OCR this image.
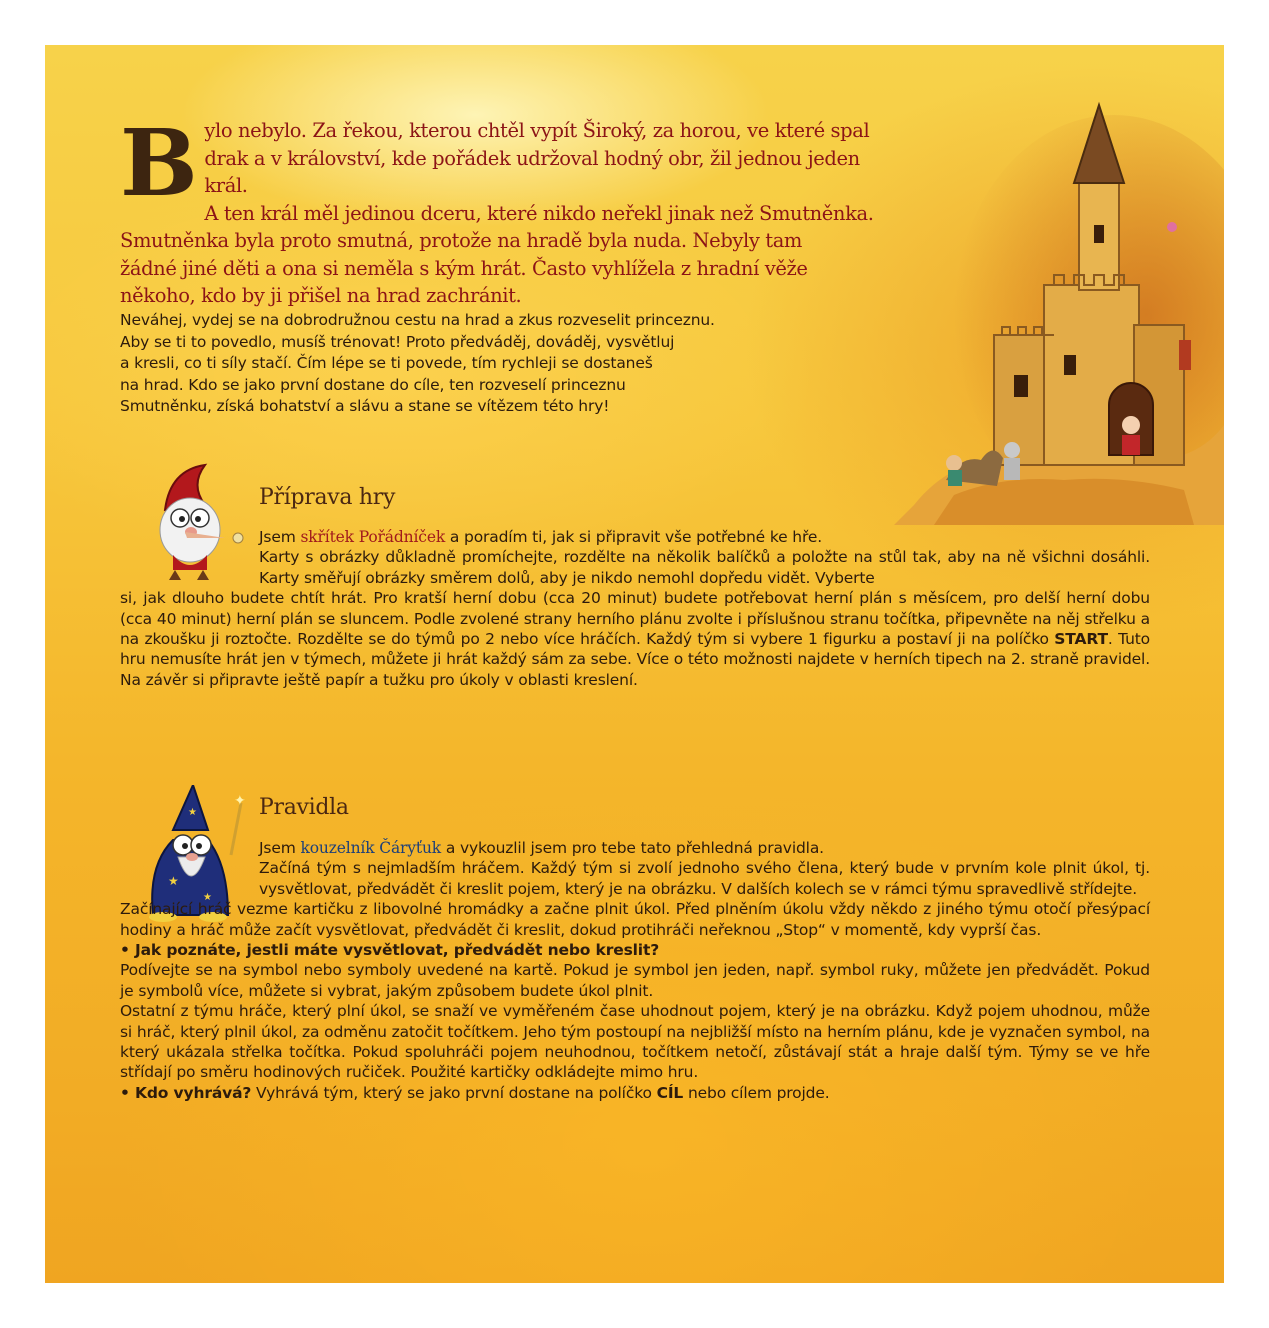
B ylo nebylo. Za řekou, kterou chtěl vypít Široký, za horou, ve které spal
drak a v království, kde pořádek udržoval hodný obr, žil jednou jeden král.
A ten král měl jedinou dceru, které nikdo neřekl jinak než Smutněnka.
Smutněnka byla proto smutná, protože na hradě byla nuda. Nebyly tam
žádné jiné děti a ona si neměla s kým hrát. Často vyhlížela z hradní věže
někoho, kdo by ji přišel na hrad zachránit.
Neváhej, vydej se na dobrodružnou cestu na hrad a zkus rozveselit princeznu.
Aby se ti to povedlo, musíš trénovat! Proto předváděj, dováděj, vysvětluj
a kresli, co ti síly stačí. Čím lépe se ti povede, tím rychleji se dostaneš
na hrad. Kdo se jako první dostane do cíle, ten rozveselí princeznu
Smutněnku, získá bohatství a slávu a stane se vítězem této hry!
Příprava hry

Jsem skřítek Pořádníček a poradím ti, jak si připravit vše potřebné ke hře.

Karty s obrázky důkladně promíchejte, rozdělte na několik balíčků a položte na stůl tak, aby na ně všichni dosáhli. Karty směřují obrázky směrem dolů, aby je nikdo nemohl dopředu vidět. Vyberte

si, jak dlouho budete chtít hrát. Pro kratší herní dobu (cca 20 minut) budete potřebovat herní plán s měsícem, pro delší herní dobu (cca 40 minut) herní plán se sluncem. Podle zvolené strany herního plánu zvolte i příslušnou stranu točítka, připevněte na něj střelku a na zkoušku ji roztočte. Rozdělte se do týmů po 2 nebo více hráčích. Každý tým si vybere 1 figurku a postaví ji na políčko START. Tuto hru nemusíte hrát jen v týmech, můžete ji hrát každý sám za sebe. Více o této možnosti najdete v herních tipech na 2. straně pravidel. Na závěr si připravte ještě papír a tužku pro úkoly v oblasti kreslení.

★
★
★
✦ Pravidla

Jsem kouzelník Čáryťuk a vykouzlil jsem pro tebe tato přehledná pravidla.

Začíná tým s nejmladším hráčem. Každý tým si zvolí jednoho svého člena, který bude v prvním kole plnit úkol, tj. vysvětlovat, předvádět či kreslit pojem, který je na obrázku. V dalších kolech se v rámci týmu spravedlivě střídejte.

Začínající hráč vezme kartičku z libovolné hromádky a začne plnit úkol. Před plněním úkolu vždy někdo z jiného týmu otočí přesýpací hodiny a hráč může začít vysvětlovat, předvádět či kreslit, dokud protihráči neřeknou „Stop“ v momentě, kdy vyprší čas.

• Jak poznáte, jestli máte vysvětlovat, předvádět nebo kreslit?

Podívejte se na symbol nebo symboly uvedené na kartě. Pokud je symbol jen jeden, např. symbol ruky, můžete jen předvádět. Pokud je symbolů více, můžete si vybrat, jakým způsobem budete úkol plnit.

Ostatní z týmu hráče, který plní úkol, se snaží ve vyměřeném čase uhodnout pojem, který je na obrázku. Když pojem uhodnou, může si hráč, který plnil úkol, za odměnu zatočit točítkem. Jeho tým postoupí na nejbližší místo na herním plánu, kde je vyznačen symbol, na který ukázala střelka točítka. Pokud spoluhráči pojem neuhodnou, točítkem netočí, zůstávají stát a hraje další tým. Týmy se ve hře střídají po směru hodinových ručiček. Použité kartičky odkládejte mimo hru.

• Kdo vyhrává? Vyhrává tým, který se jako první dostane na políčko CÍL nebo cílem projde.
